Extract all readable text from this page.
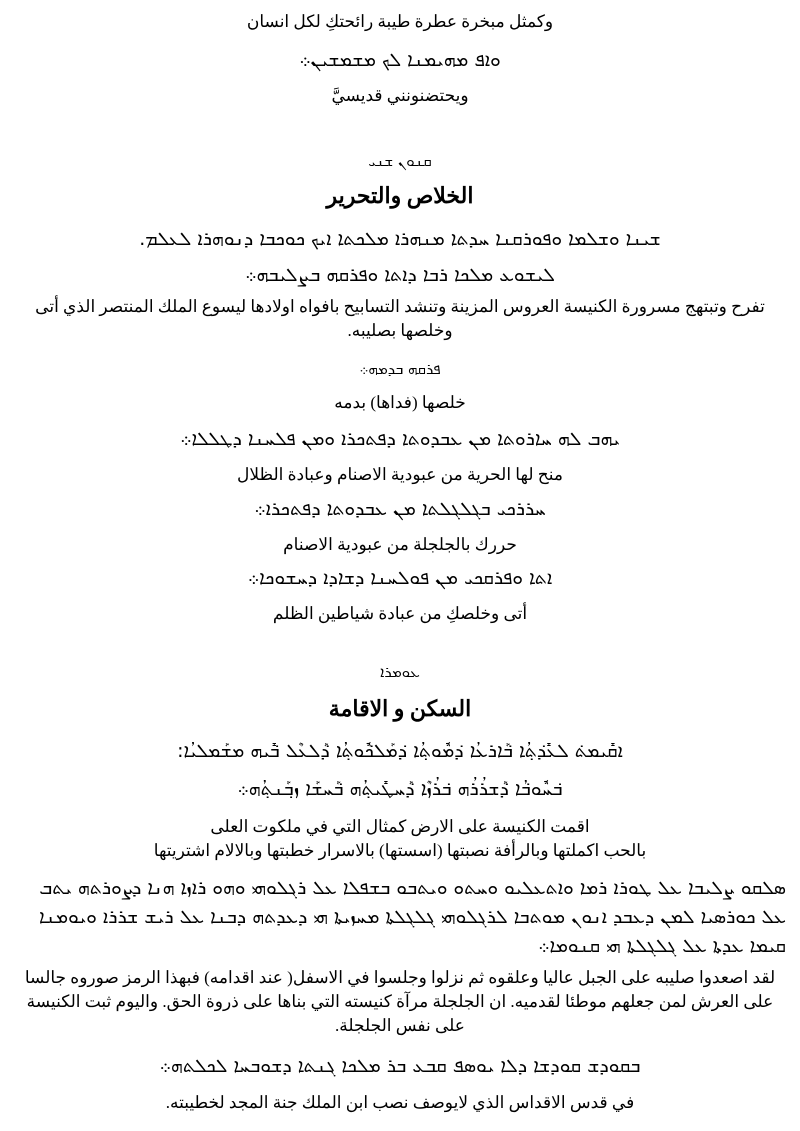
وكمثل مبخرة عطرة طيبة رائحتكِ لكل انسان
ܘܐܦ ܡܗܝܡܢܐ ܠܟ ܡܫܡܫܝܢ܀
ويحتضنونني قديسيَّ
ܩܢܘܢ ܫܢܝ
الخلاص والتحرير
ܫܝܢܐ ܘܫܠܡܐ ܘܦܘܪܩܢܐ ܚܕܬܐ ܡܢܗܪܐ ܡܠܟܬܐ ܐܝܟ ܟܘܟܒܐ ܕܢܘܗܪܐ ܠܥܠܡ.
ܠܝܫܘܥ ܡܠܟܐ ܪܒܐ ܕܐܬܐ ܘܦܪܩܗ ܒܨܠܝܒܗ܀
تفرح وتبتهج مسرورة الكنيسة العروس المزينة وتنشد التسابيح بافواه اولادها ليسوع الملك المنتصر الذي أتى وخلصها بصليبه.
ܦܪܩܗ ܒܕܡܗ܀
خلصها (فداها) بدمه
ܝܗܒ ܠܗ ܚܐܪܘܬܐ ܡܢ ܥܒܕܘܬܐ ܕܦܬܟܪܐ ܘܡܢ ܦܠܚܢܐ ܕܛܠܠܐ܀
منح لها الحرية من عبودية الاصنام وعبادة الظلال
ܚܪܪܟܝ ܒܓܠܓܠܬܐ ܡܢ ܥܒܕܘܬܐ ܕܦܬܟܪܐ܀
حررك بالجلجلة من عبودية الاصنام
ܐܬܐ ܘܦܪܩܟܝ ܡܢ ܦܘܠܚܢܐ ܕܫܐܕܐ ܕܚܫܘܟܐ܀
أتى وخلصكِ من عبادة شياطين الظلم
ܥܘܡܪܐ
السكن و الاقامة
ܐܩܺܝܡܬ݁ ܠܥܺܕ݁ܬ݂ܳܐ ܒ݁ܰܐܪܥܳܐ ܕ݁ܡܽܘܬ݂ܳܐ ܕ݁ܡܰܠܟ݁ܽܘܬ݂ܳܐ ܕ݁ܰܠܥܶܠ ܒ݁ܺܝܗ ܡܫܰܡܠܝܳܐ:
ܒ݁ܚܽܘܒ݁ܳܐ ܕ݁ܰܫܪܳܪܳܗ ܒ݁ܪܳܙܶܐ ܕ݁ܰܚܛܺܝܬ݂ܳܗ ܒ݁ܰܚܫܰܐ ܙܒ݂ܰܢܬ݂ܳܗ܀
اقمت الكنيسة على الارض كمثال التي في ملكوت العلى
بالحب اكملتها وبالرأفة نصبتها (اسستها) بالاسرار خطبتها وبالالام اشتريتها
ܣܠܩܘ ܨܠܝܒܐ ܥܠ ܛܘܪܐ ܪܡܐ ܘܐܬܥܠܝܘ ܘܚܬܘ ܘܝܬܒܘ ܒܫܦܠܐ ܥܠ ܪܓܠܘܗܝ ܘܗܘ ܪܐܙܐ ܗܢܐ ܕܨܘܪܬܗ ܝܬܒ ܥܠ ܟܘܪܣܝܐ ܠܡܢ ܕܥܒܕ ܐܢܘܢ ܡܘܬܒܐ ܠܪܓܠܘܗܝ ܓܠܓܠܬܐ ܡܚܙܝܬܐ ܗܝ ܕܥܕܬܗ ܕܒܢܐ ܥܠ ܪܝܫ ܫܪܪܐ ܘܝܘܡܢܐ ܩܝܡܐ ܥܕܬܐ ܥܠ ܓܠܓܠܬܐ ܗܝ ܩܢܘܡܐ܀
لقد اصعدوا صليبه على الجبل عاليا وعلقوه ثم نزلوا وجلسوا في الاسفل( عند اقدامه) فبهذا الرمز صوروه جالسا على العرش لمن جعلهم موطئا لقدميه. ان الجلجلة مرآة كنيسته التي بناها على ذروة الحق. واليوم ثبت الكنيسة على نفس الجلجلة.
ܒܩܘܕܫ ܩܘܕܫܐ ܕܠܐ ܝܘܣܦ ܩܒܥ ܒܪ ܡܠܟܐ ܓܢܬܐ ܕܫܘܒܚܐ ܠܟܠܬܗ܀
في قدس الاقداس الذي لايوصف نصب ابن الملك جنة المجد لخطيبته.
